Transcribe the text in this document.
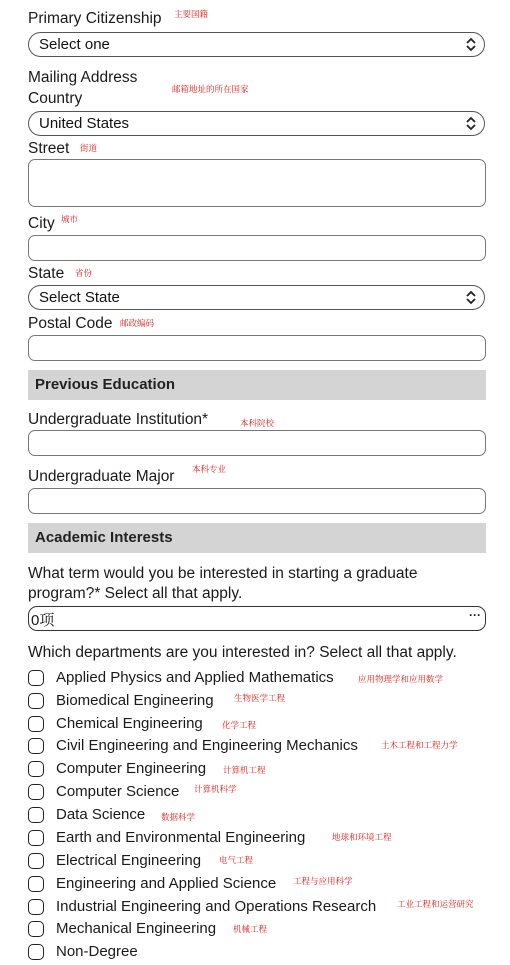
Primary Citizenship 主要国籍
Select one
Mailing Address
Country
邮箱地址的所在国家
United States
Street 街道
City 城市
State 省份
Select State
Postal Code 邮政编码
Previous Education
Undergraduate Institution*	本科院校
Undergraduate Major 本科专业
Academic Interests
What term would you be interested in starting a graduate
program?* Select all that apply.
0项	···
Which departments are you interested in? Select all that apply.
Applied Physics and Applied Mathematics	应用物理学和应用数学
Biomedical Engineering 生物医学工程
Chemical Engineering 化学工程
Civil Engineering and Engineering Mechanics	土木工程和工程力学
Computer Engineering 计算机工程
Computer Science 计算机科学
Data Science 数据科学
Earth and Environmental Engineering	地球和环境工程
Electrical Engineering 电气工程
Engineering and Applied Science 工程与应用科学
Industrial Engineering and Operations Research 工业工程和运营研究
Mechanical Engineering 机械工程
Non-Degree
